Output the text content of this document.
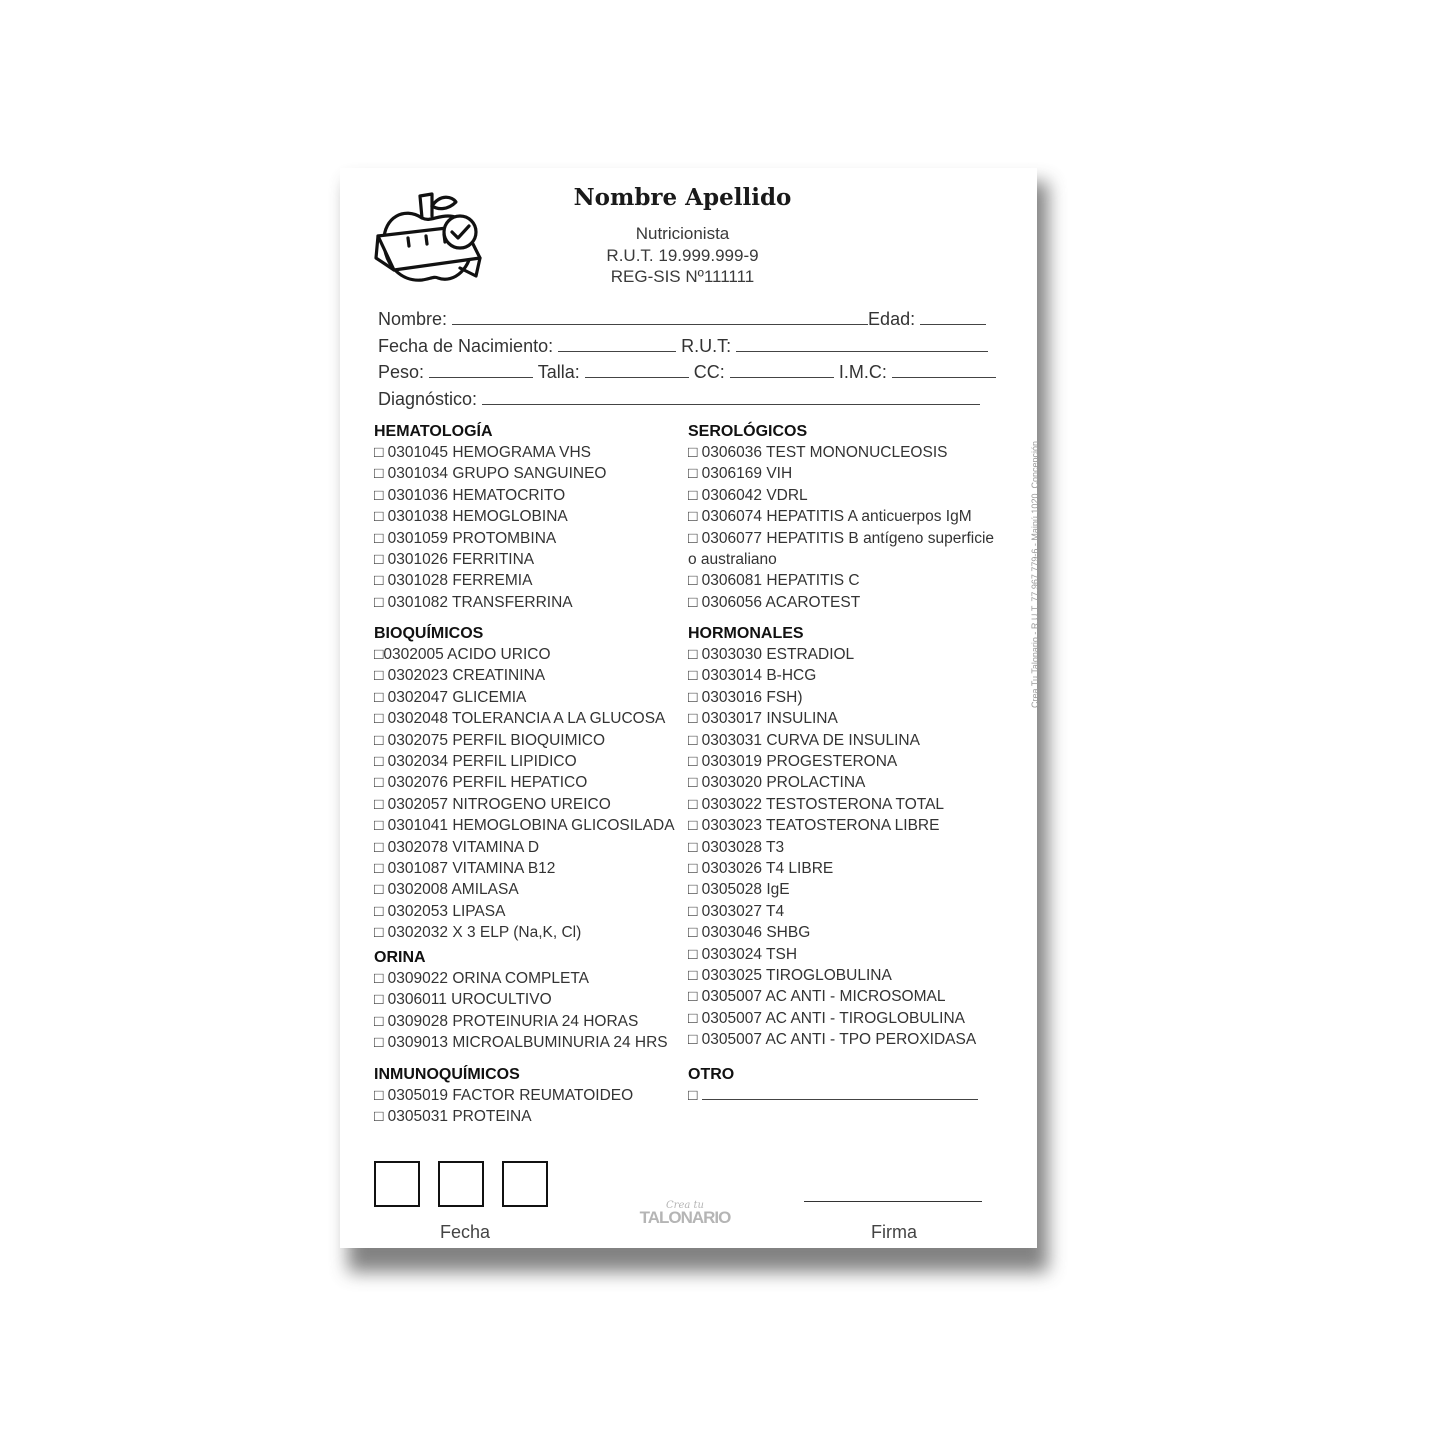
Nombre Apellido
Nutricionista
R.U.T. 19.999.999-9
REG-SIS Nº111111
Nombre:	Edad:
Fecha de Nacimiento:	R.U.T:
Peso:	Talla:	CC:	I.M.C:
Diagnóstico:
HEMATOLOGÍA
□ 0301045 HEMOGRAMA VHS
□ 0301034 GRUPO SANGUINEO
□ 0301036 HEMATOCRITO
□ 0301038 HEMOGLOBINA
□ 0301059 PROTOMBINA
□ 0301026 FERRITINA
□ 0301028 FERREMIA
□ 0301082 TRANSFERRINA
BIOQUÍMICOS
□0302005 ACIDO URICO
□ 0302023 CREATININA
□ 0302047 GLICEMIA
□ 0302048 TOLERANCIA A LA GLUCOSA
□ 0302075 PERFIL BIOQUIMICO
□ 0302034 PERFIL LIPIDICO
□ 0302076 PERFIL HEPATICO
□ 0302057 NITROGENO UREICO
□ 0301041 HEMOGLOBINA GLICOSILADA
□ 0302078 VITAMINA D
□ 0301087 VITAMINA B12
□ 0302008 AMILASA
□ 0302053 LIPASA
□ 0302032 X 3 ELP (Na,K, Cl)
ORINA
□ 0309022 ORINA COMPLETA
□ 0306011 UROCULTIVO
□ 0309028 PROTEINURIA 24 HORAS
□ 0309013 MICROALBUMINURIA 24 HRS
INMUNOQUÍMICOS
□ 0305019 FACTOR REUMATOIDEO
□ 0305031 PROTEINA
SEROLÓGICOS
□ 0306036 TEST MONONUCLEOSIS
□ 0306169 VIH
□ 0306042 VDRL
□ 0306074 HEPATITIS A anticuerpos IgM
□ 0306077 HEPATITIS B antígeno superficie
o australiano
□ 0306081 HEPATITIS C
□ 0306056 ACAROTEST
HORMONALES
□ 0303030 ESTRADIOL
□ 0303014 B-HCG
□ 0303016 FSH)
□ 0303017 INSULINA
□ 0303031 CURVA DE INSULINA
□ 0303019 PROGESTERONA
□ 0303020 PROLACTINA
□ 0303022 TESTOSTERONA TOTAL
□ 0303023 TEATOSTERONA LIBRE
□ 0303028 T3
□ 0303026 T4 LIBRE
□ 0305028 IgE
□ 0303027 T4
□ 0303046 SHBG
□ 0303024 TSH
□ 0303025 TIROGLOBULINA
□ 0305007 AC ANTI - MICROSOMAL
□ 0305007 AC ANTI - TIROGLOBULINA
□ 0305007 AC ANTI - TPO PEROXIDASA
OTRO
□
Fecha
Crea tu
TALONARIO
Firma
Crea Tu Talonario - R.U.T. 77.967.779-6 - Maipú 1020, Concepción
